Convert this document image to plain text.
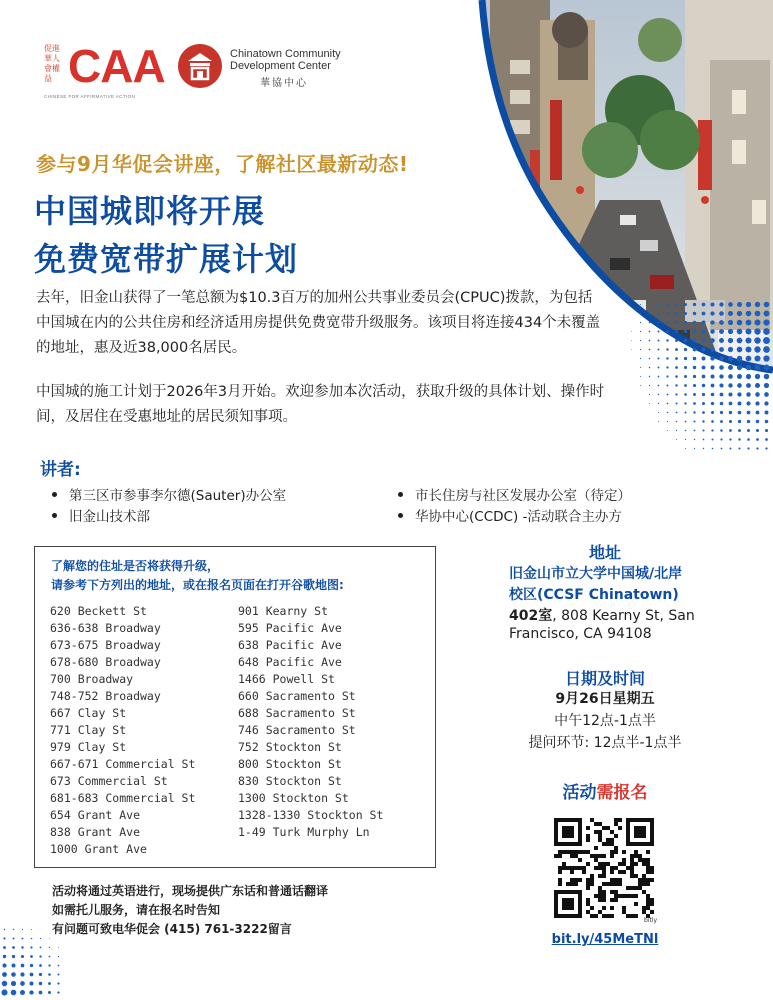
促進華人會權益 CAA
CHINESE FOR AFFIRMATIVE ACTION
Chinatown Community
Development Center
華協中心
参与9月华促会讲座，了解社区最新动态!
中国城即将开展
免费宽带扩展计划

去年，旧金山获得了一笔总额为$10.3百万的加州公共事业委员会(CPUC)拨款，为包括中国城在内的公共住房和经济适用房提供免费宽带升级服务。该项目将连接434个未覆盖的地址，惠及近38,000名居民。

中国城的施工计划于2026年3月开始。欢迎参加本次活动，获取升级的具体计划、操作时间，及居住在受惠地址的居民须知事项。

讲者:
第三区市参事李尔德(Sauter)办公室
旧金山技术部
市长住房与社区发展办公室（待定）
华协中心(CCDC) -活动联合主办方
了解您的住址是否将获得升级，
请参考下方列出的地址，或在报名页面在打开谷歌地图:
620 Beckett St
636-638 Broadway
673-675 Broadway
678-680 Broadway
700 Broadway
748-752 Broadway
667 Clay St
771 Clay St
979 Clay St
667-671 Commercial St
673 Commercial St
681-683 Commercial St
654 Grant Ave
838 Grant Ave
1000 Grant Ave
901 Kearny St
595 Pacific Ave
638 Pacific Ave
648 Pacific Ave
1466 Powell St
660 Sacramento St
688 Sacramento St
746 Sacramento St
752 Stockton St
800 Stockton St
830 Stockton St
1300 Stockton St
1328-1330 Stockton St
1-49 Turk Murphy Ln
地址
旧金山市立大学中国城/北岸
校区(CCSF Chinatown)
402室, 808 Kearny St, San
Francisco, CA 94108
日期及时间
9月26日星期五
中午12点-1点半
提问环节: 12点半-1点半
活动需报名
bitly
bit.ly/45MeTNl
活动将通过英语进行，现场提供广东话和普通话翻译
如需托儿服务，请在报名时告知
有问题可致电华促会 (415) 761-3222留言
